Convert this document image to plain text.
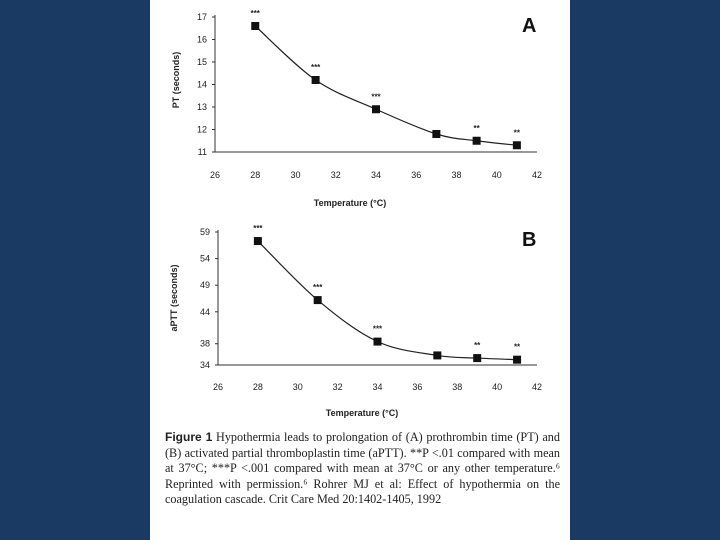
A
PT (seconds)
Temperature (°C)
11
12
13
14
15
16
17
26	28	30	32	34	36	38	40	42
***
***
***
**	**
B
aPTT (seconds)
Temperature (°C)
34
38
44
49
54
59
26	28	30	32	34	36	38	40	42
***
***
***
**	**
Figure 1 Hypothermia leads to prolongation of (A) prothrombin time (PT) and (B) activated partial thromboplastin time (aPTT). **P <.01 compared with mean at 37°C; ***P <.001 compared with mean at 37°C or any other temperature.⁶ Reprinted with permission.⁶ Rohrer MJ et al: Effect of hypothermia on the coagulation cascade. Crit Care Med 20:1402-1405, 1992
